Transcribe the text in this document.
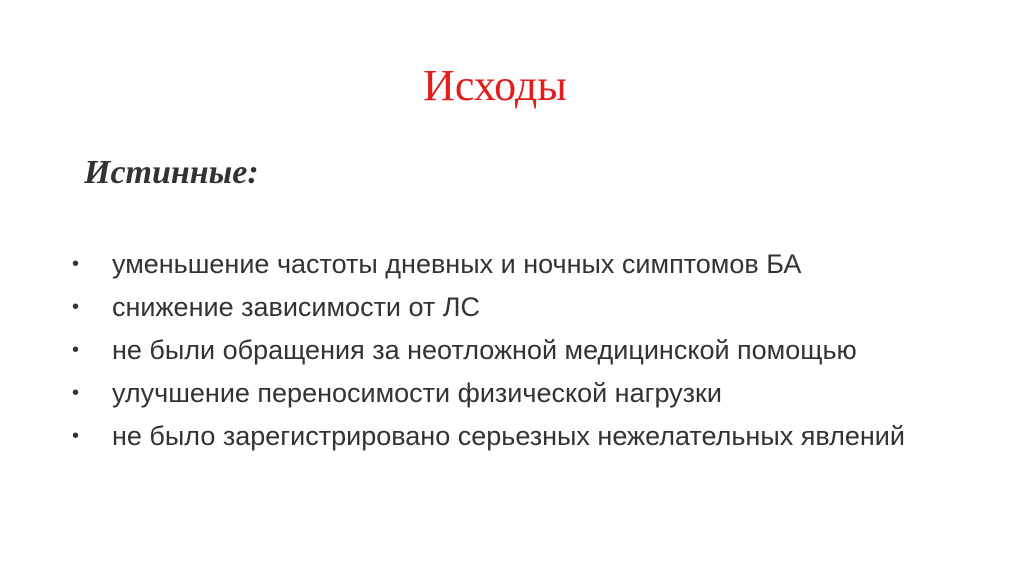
Исходы
Истинные:
•	уменьшение частоты дневных и ночных симптомов БА
•	снижение зависимости от ЛС
•	не были обращения за неотложной медицинской помощью
•	улучшение переносимости физической нагрузки
•	не было зарегистрировано серьезных нежелательных явлений
